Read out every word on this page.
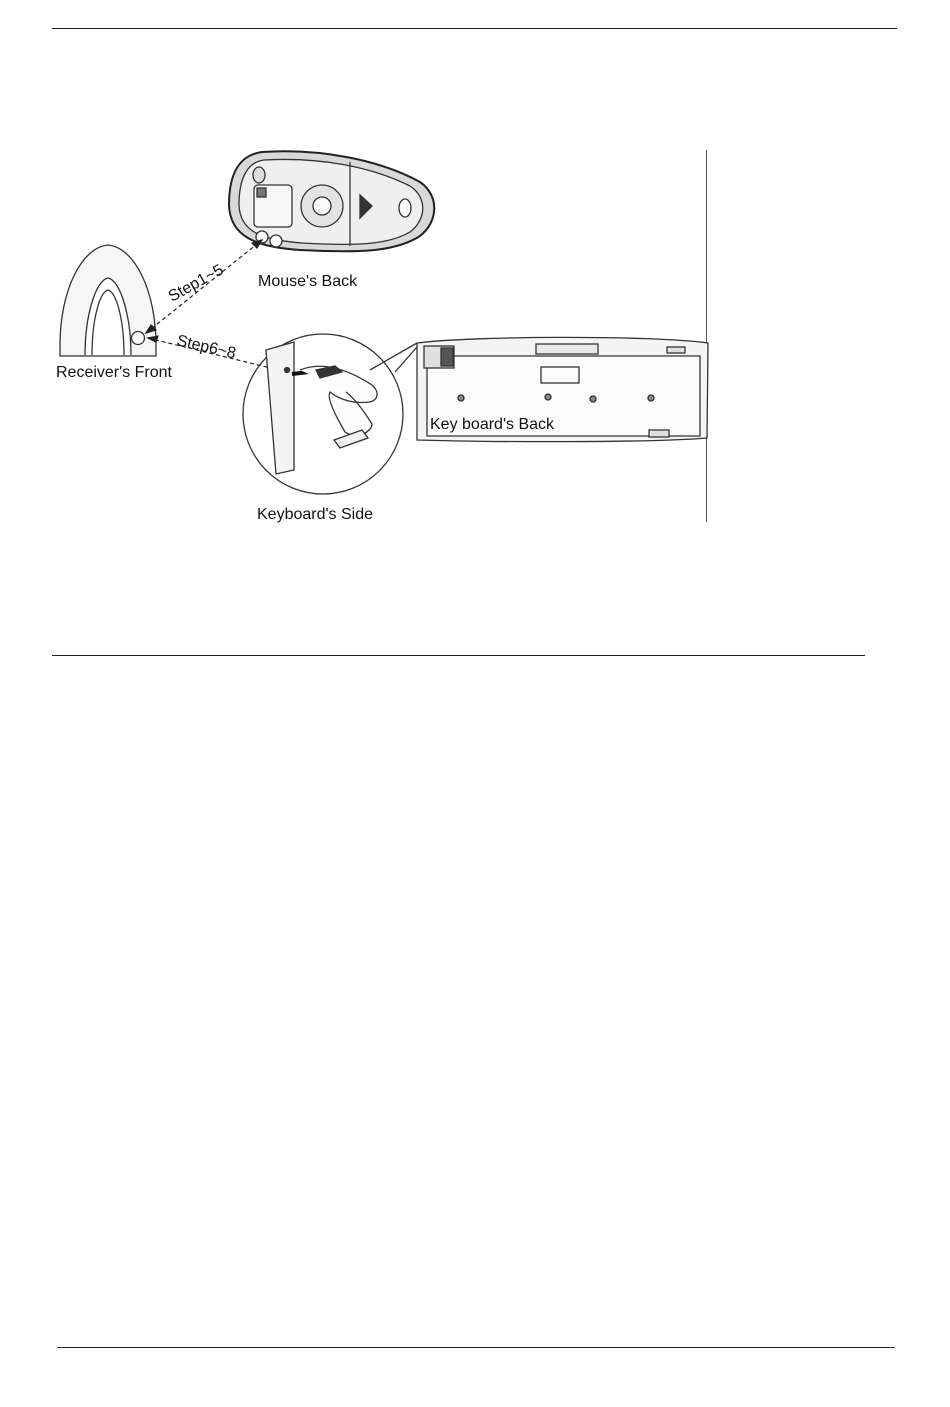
Mouse's Back
Receiver's Front
Key board's Back
Keyboard's Side
Step1~5
Step6~8
